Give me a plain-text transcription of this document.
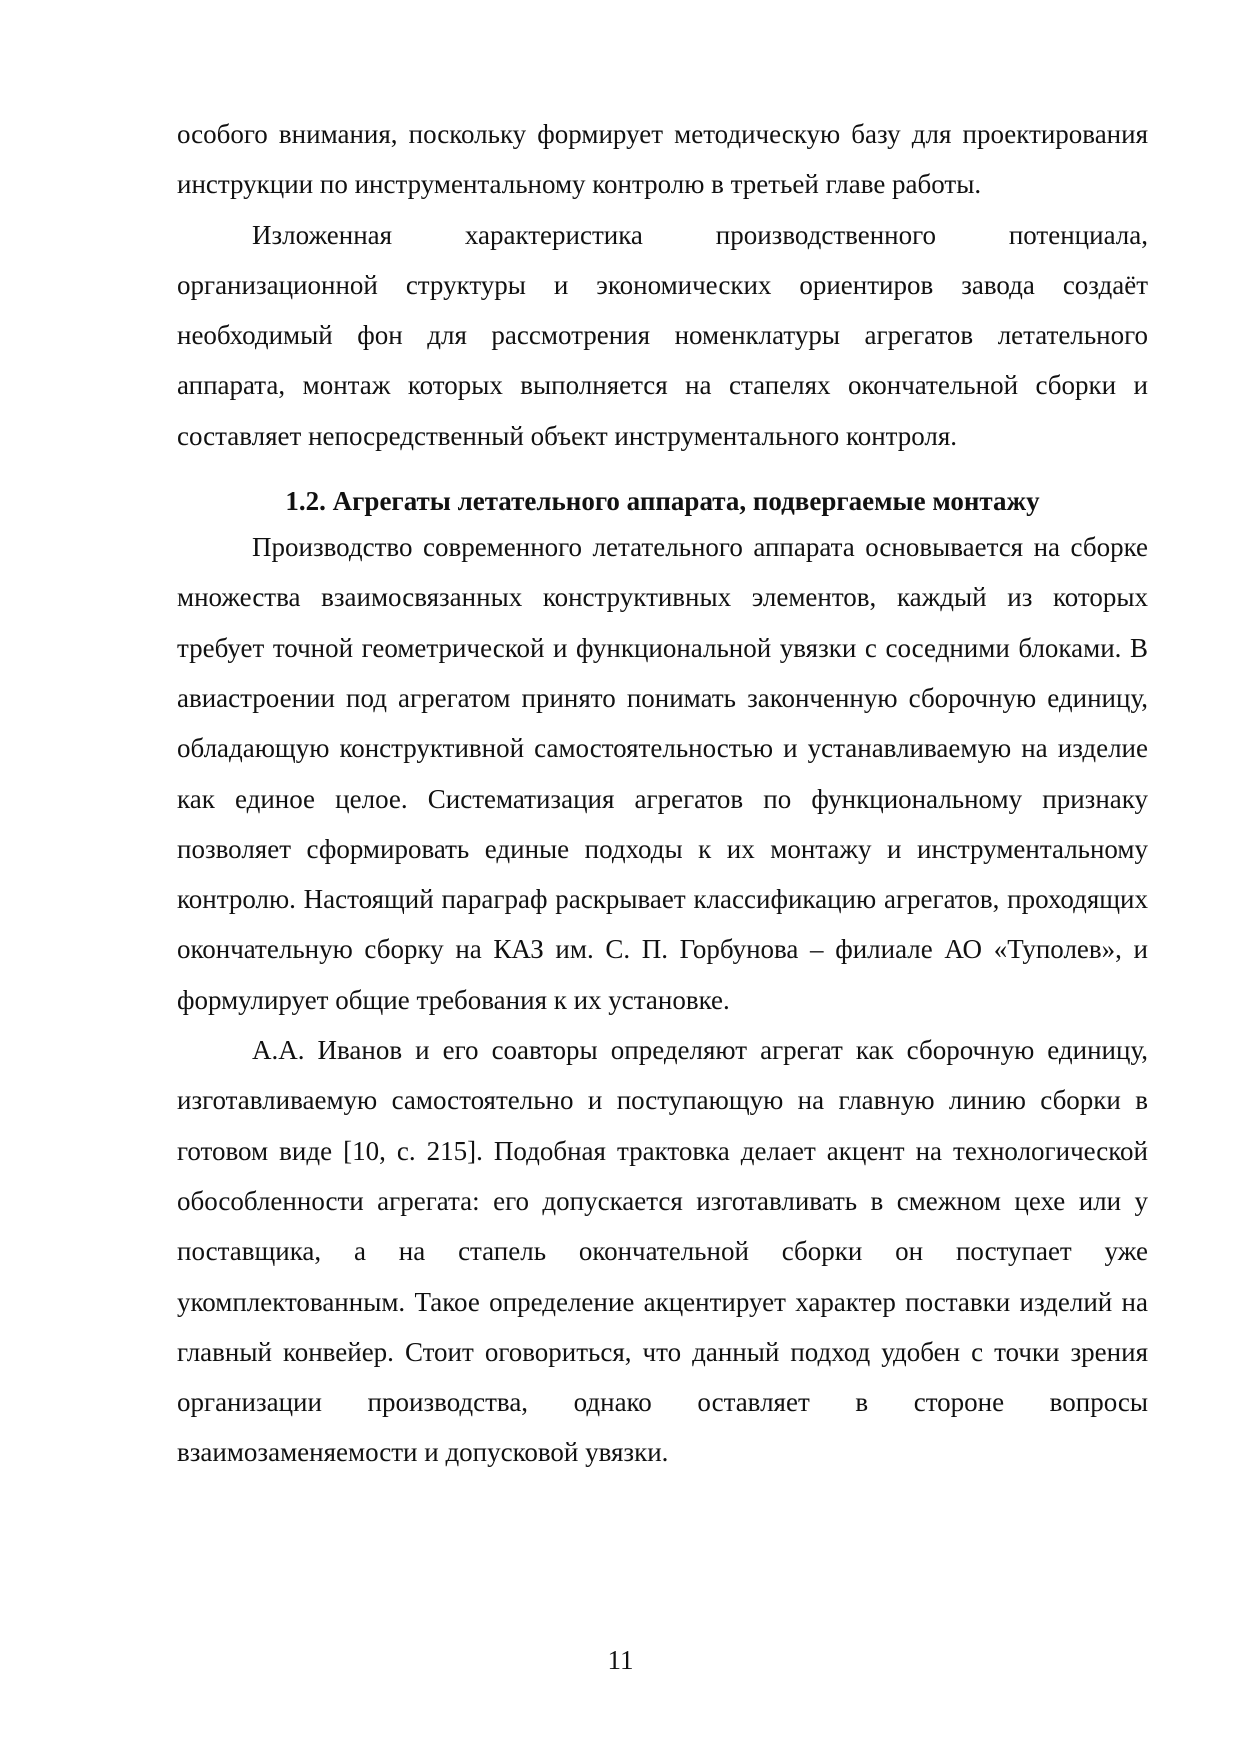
особого внимания, поскольку формирует методическую базу для проектирования инструкции по инструментальному контролю в третьей главе работы.

Изложенная характеристика производственного потенциала, организационной структуры и экономических ориентиров завода создаёт необходимый фон для рассмотрения номенклатуры агрегатов летательного аппарата, монтаж которых выполняется на стапелях окончательной сборки и составляет непосредственный объект инструментального контроля.

1.2. Агрегаты летательного аппарата, подвергаемые монтажу

Производство современного летательного аппарата основывается на сборке множества взаимосвязанных конструктивных элементов, каждый из которых требует точной геометрической и функциональной увязки с соседними блоками. В авиастроении под агрегатом принято понимать законченную сборочную единицу, обладающую конструктивной самостоятельностью и устанавливаемую на изделие как единое целое. Систематизация агрегатов по функциональному признаку позволяет сформировать единые подходы к их монтажу и инструментальному контролю. Настоящий параграф раскрывает классификацию агрегатов, проходящих окончательную сборку на КАЗ им. С. П. Горбунова – филиале АО «Туполев», и формулирует общие требования к их установке.

А.А. Иванов и его соавторы определяют агрегат как сборочную единицу, изготавливаемую самостоятельно и поступающую на главную линию сборки в готовом виде [10, с. 215]. Подобная трактовка делает акцент на технологической обособленности агрегата: его допускается изготавливать в смежном цехе или у поставщика, а на стапель окончательной сборки он поступает уже укомплектованным. Такое определение акцентирует характер поставки изделий на главный конвейер. Стоит оговориться, что данный подход удобен с точки зрения организации производства, однако оставляет в стороне вопросы взаимозаменяемости и допусковой увязки.

11
